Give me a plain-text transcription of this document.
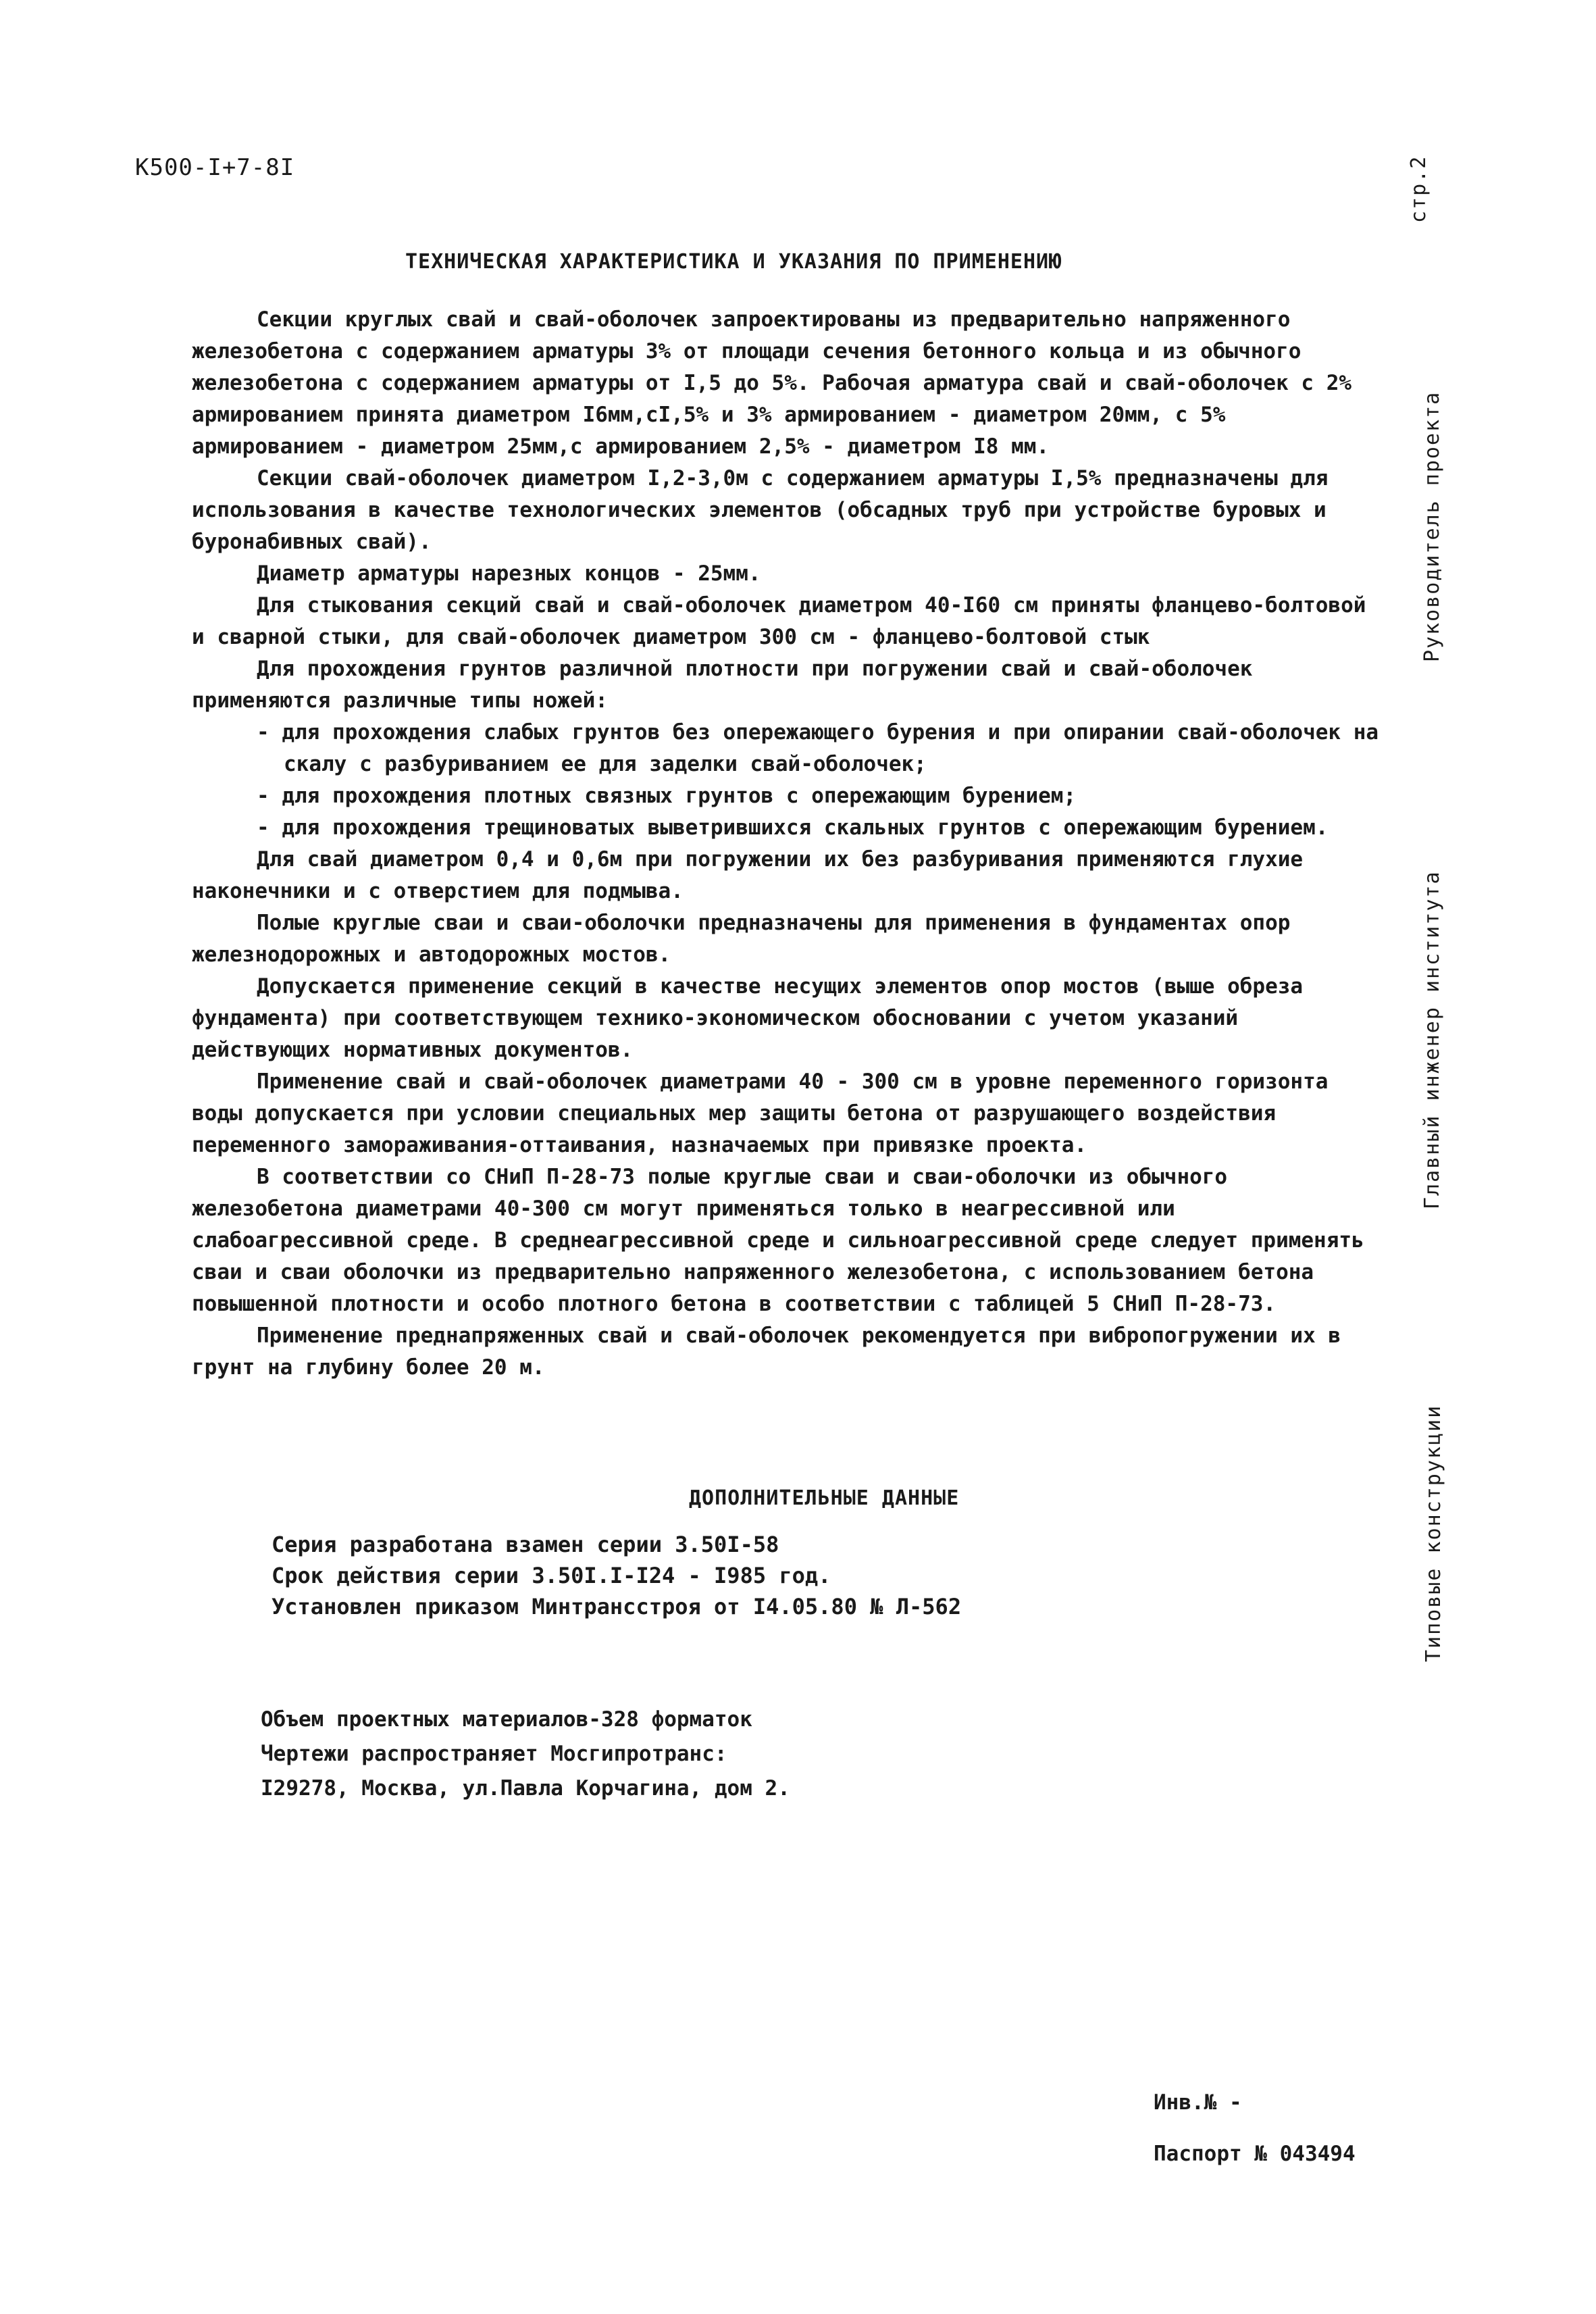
К500-І+7-8І	стр.2
Руководитель проекта
Главный инженер института
Типовые конструкции
ТЕХНИЧЕСКАЯ ХАРАКТЕРИСТИКА И УКАЗАНИЯ ПО ПРИМЕНЕНИЮ

Секции круглых свай и свай-оболочек запроектированы из предварительно напряженного железобетона с содержанием арматуры 3% от площади сечения бетонного кольца и из обычного железобетона с содержанием арматуры от І,5 до 5%. Рабочая арматура свай и свай-оболочек с 2% армированием принята диаметром І6мм,сІ,5% и 3% армированием - диаметром 20мм, с 5% армированием - диаметром 25мм,с армированием 2,5% - диаметром І8 мм.

Секции свай-оболочек диаметром І,2-3,0м с содержанием арматуры І,5% предназначены для использования в качестве технологических элементов (обсадных труб при устройстве буровых и буронабивных свай).

Диаметр арматуры нарезных концов - 25мм.

Для стыкования секций свай и свай-оболочек диаметром 40-І60 см приняты фланцево-болтовой и сварной стыки, для свай-оболочек диаметром 300 см - фланцево-болтовой стык

Для прохождения грунтов различной плотности при погружении свай и свай-оболочек применяются различные типы ножей:

- для прохождения слабых грунтов без опережающего бурения и при опирании свай-оболочек на скалу с разбуриванием ее для заделки свай-оболочек;
- для прохождения плотных связных грунтов с опережающим бурением;
- для прохождения трещиноватых выветрившихся скальных грунтов с опережающим бурением.

Для свай диаметром 0,4 и 0,6м при погружении их без разбуривания применяются глухие наконечники и с отверстием для подмыва.

Полые круглые сваи и сваи-оболочки предназначены для применения в фундаментах опор железнодорожных и автодорожных мостов.

Допускается применение секций в качестве несущих элементов опор мостов (выше обреза фундамента) при соответствующем технико-экономическом обосновании с учетом указаний действующих нормативных документов.

Применение свай и свай-оболочек диаметрами 40 - 300 см в уровне переменного горизонта воды допускается при условии специальных мер защиты бетона от разрушающего воздействия переменного замораживания-оттаивания, назначаемых при привязке проекта.

В соответствии со СНиП П-28-73 полые круглые сваи и сваи-оболочки из обычного железобетона диаметрами 40-300 см могут применяться только в неагрессивной или слабоагрессивной среде. В среднеагрессивной среде и сильноагрессивной среде следует применять сваи и сваи оболочки из предварительно напряженного железобетона, с использованием бетона повышенной плотности и особо плотного бетона в соответствии с таблицей 5 СНиП П-28-73.

Применение преднапряженных свай и свай-оболочек рекомендуется при вибропогружении их в грунт на глубину более 20 м.

ДОПОЛНИТЕЛЬНЫЕ ДАННЫЕ
Серия разработана взамен серии 3.50І-58
Срок действия серии 3.50І.І-І24 - І985 год.
Установлен приказом Минтрансстроя от І4.05.80 № Л-562
Объем проектных материалов-328 форматок
Чертежи распространяет Мосгипротранс:
І29278, Москва, ул.Павла Корчагина, дом 2.
Инв.№ -
Паспорт № 043494
